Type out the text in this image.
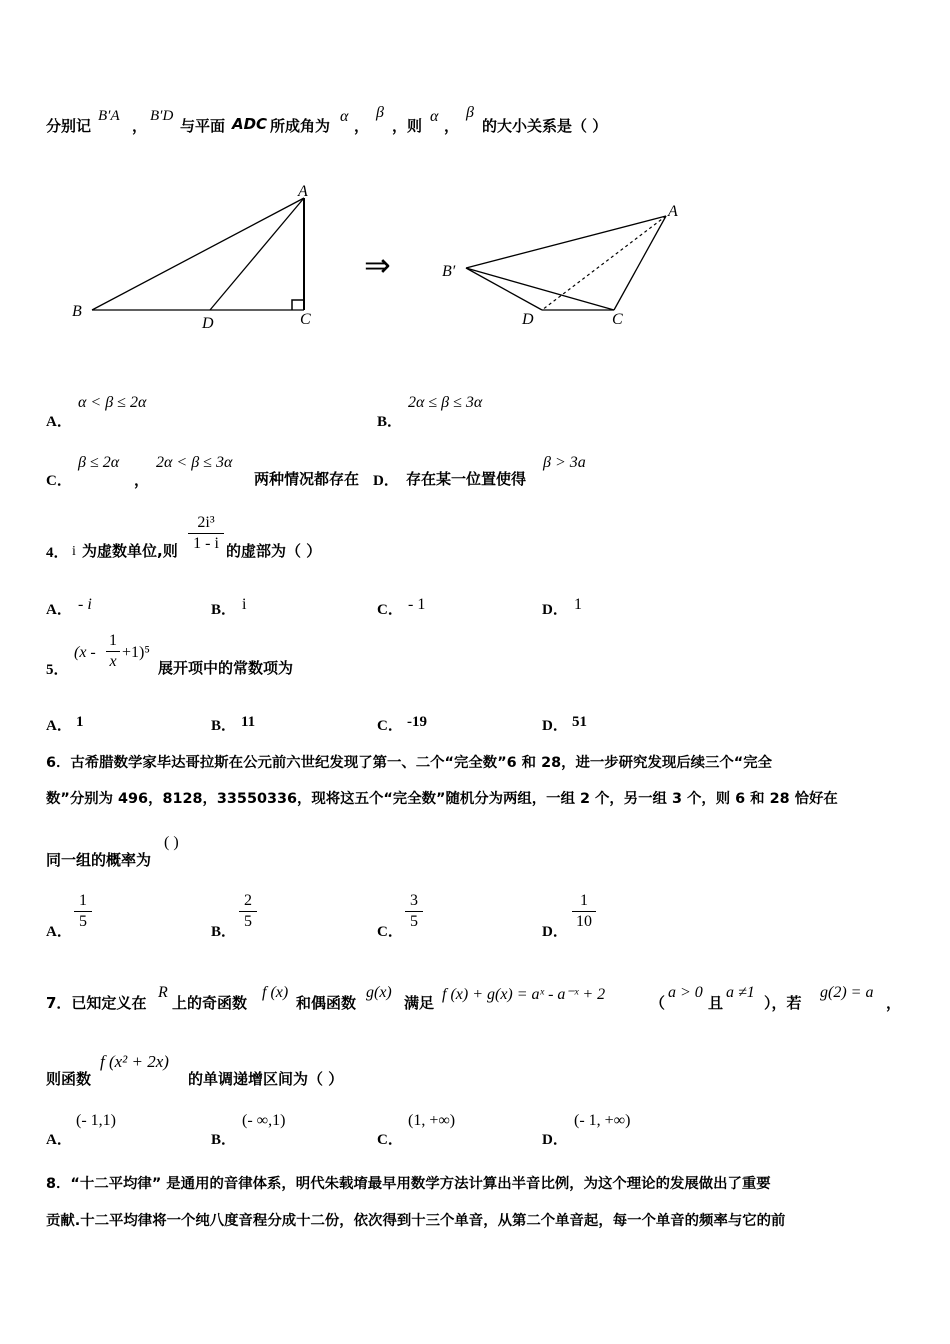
分别记
B′A
，
B′D
与平面 ADC 所成角为
α
，
β
，则
α
，
β
的大小关系是（ ）
A
B
D	C
⇒
A
B′
D	C
A．
α < β ≤ 2α
B．
2α ≤ β ≤ 3α
C．
β ≤ 2α
，
2α < β ≤ 3α
两种情况都存在 D． 存在某一位置使得
β > 3a
4． i 为虚数单位,则
2i³
1 - i 的虚部为（ ）
A． - i	B． i	C． - 1	D． 1
5．
(x -
1
x
+1)⁵
展开项中的常数项为
A． 1	B． 11	C． -19	D． 51
6．古希腊数学家毕达哥拉斯在公元前六世纪发现了第一、二个“完全数”6 和 28，进一步研究发现后续三个“完全
数”分别为 496，8128，33550336，现将这五个“完全数”随机分为两组，一组 2 个，另一组 3 个，则 6 和 28 恰好在
同一组的概率为
( )
A．
1
5
B．
2
5
C．
3
5
D．
1
10
7．已知定义在
R
上的奇函数
f (x)
和偶函数
g(x)
满足 f (x) + g(x) = aˣ - a⁻ˣ + 2	（
a > 0
且
a ≠1
），若
g(2) = a
，
则函数
f (x² + 2x)
的单调递增区间为（ ）
A．
(- 1,1)
B．
(- ∞,1)
C．
(1, +∞)
D．
(- 1, +∞)
8．“十二平均律” 是通用的音律体系，明代朱载堉最早用数学方法计算出半音比例，为这个理论的发展做出了重要
贡献.十二平均律将一个纯八度音程分成十二份，依次得到十三个单音，从第二个单音起，每一个单音的频率与它的前
